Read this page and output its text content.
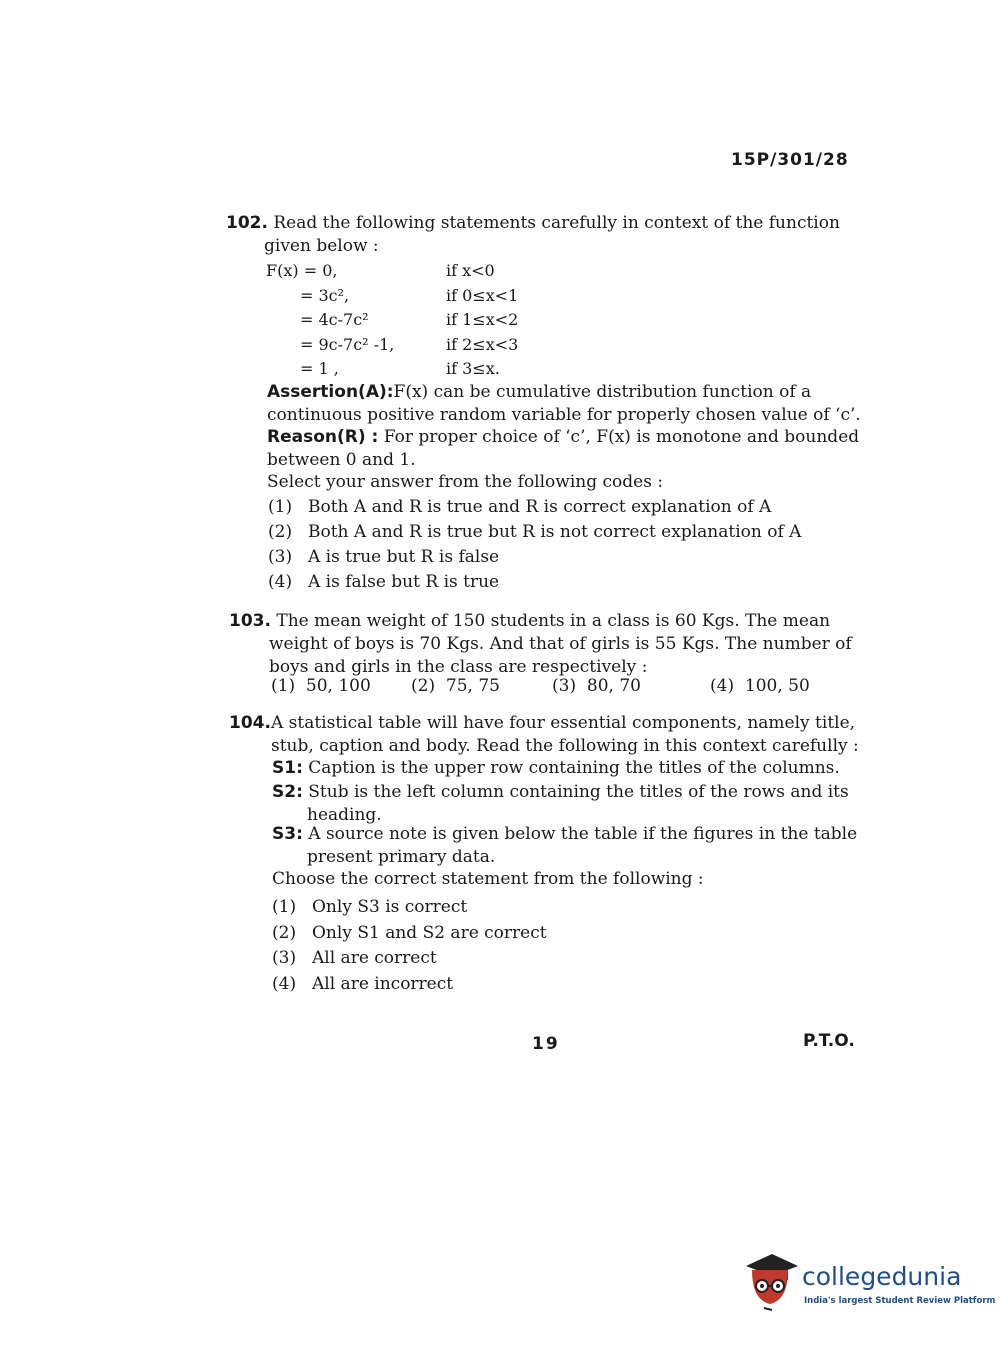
15P/301/28
102. Read the following statements carefully in context of the function
given below :
F(x) = 0,	if x<0
= 3c²,	if 0≤x<1
= 4c-7c²	if 1≤x<2
= 9c-7c² -1,	if 2≤x<3
= 1 ,	if 3≤x.
Assertion(A):F(x) can be cumulative distribution function of a
continuous positive random variable for properly chosen value of ‘c’.
Reason(R) : For proper choice of ‘c’, F(x) is monotone and bounded
between 0 and 1.
Select your answer from the following codes :
(1) Both A and R is true and R is correct explanation of A
(2) Both A and R is true but R is not correct explanation of A
(3) A is true but R is false
(4) A is false but R is true
103. The mean weight of 150 students in a class is 60 Kgs. The mean
weight of boys is 70 Kgs. And that of girls is 55 Kgs. The number of
boys and girls in the class are respectively :
(1) 50, 100	(2) 75, 75	(3) 80, 70	(4) 100, 50
104.A statistical table will have four essential components, namely title,
stub, caption and body. Read the following in this context carefully :
S1: Caption is the upper row containing the titles of the columns.
S2: Stub is the left column containing the titles of the rows and its
heading.
S3: A source note is given below the table if the figures in the table
present primary data.
Choose the correct statement from the following :
(1) Only S3 is correct
(2) Only S1 and S2 are correct
(3) All are correct
(4) All are incorrect
19	P.T.O.
collegedunia
India's largest Student Review Platform
